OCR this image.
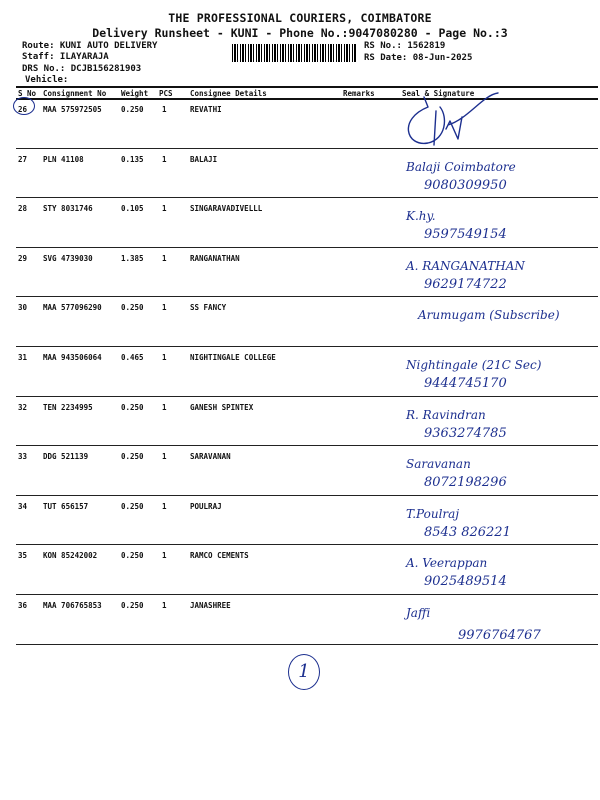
THE PROFESSIONAL COURIERS, COIMBATORE
Delivery Runsheet - KUNI - Phone No.:9047080280 - Page No.:3
Route: KUNI AUTO DELIVERY
Staff: ILAYARAJA
DRS No.: DCJB156281903
Vehicle:
RS No.: 1562819
RS Date: 08-Jun-2025
S No Consignment No Weight PCS Consignee Details	Remarks	Seal & Signature
26 MAA 575972505	0.250 1	REVATHI
27 PLN 41108	0.135 1	BALAJI
Balaji Coimbatore
9080309950
28 STY 8031746	0.105 1	SINGARAVADIVELLL
K.hy.
9597549154
29 SVG 4739030	1.385 1	RANGANATHAN
A. RANGANATHAN
9629174722
30 MAA 577096290	0.250 1	SS FANCY
Arumugam (Subscribe)
31 MAA 943506064	0.465 1	NIGHTINGALE COLLEGE
Nightingale (21C Sec)
9444745170
32 TEN 2234995	0.250 1	GANESH SPINTEX
R. Ravindran
9363274785
33 DDG 521139	0.250 1	SARAVANAN
Saravanan
8072198296
34 TUT 656157	0.250 1	POULRAJ
T.Poulraj
8543 826221
35 KON 85242002	0.250 1	RAMCO CEMENTS
A. Veerappan
9025489514
36 MAA 706765853	0.250 1	JANASHREE
Jaffi
9976764767
1
